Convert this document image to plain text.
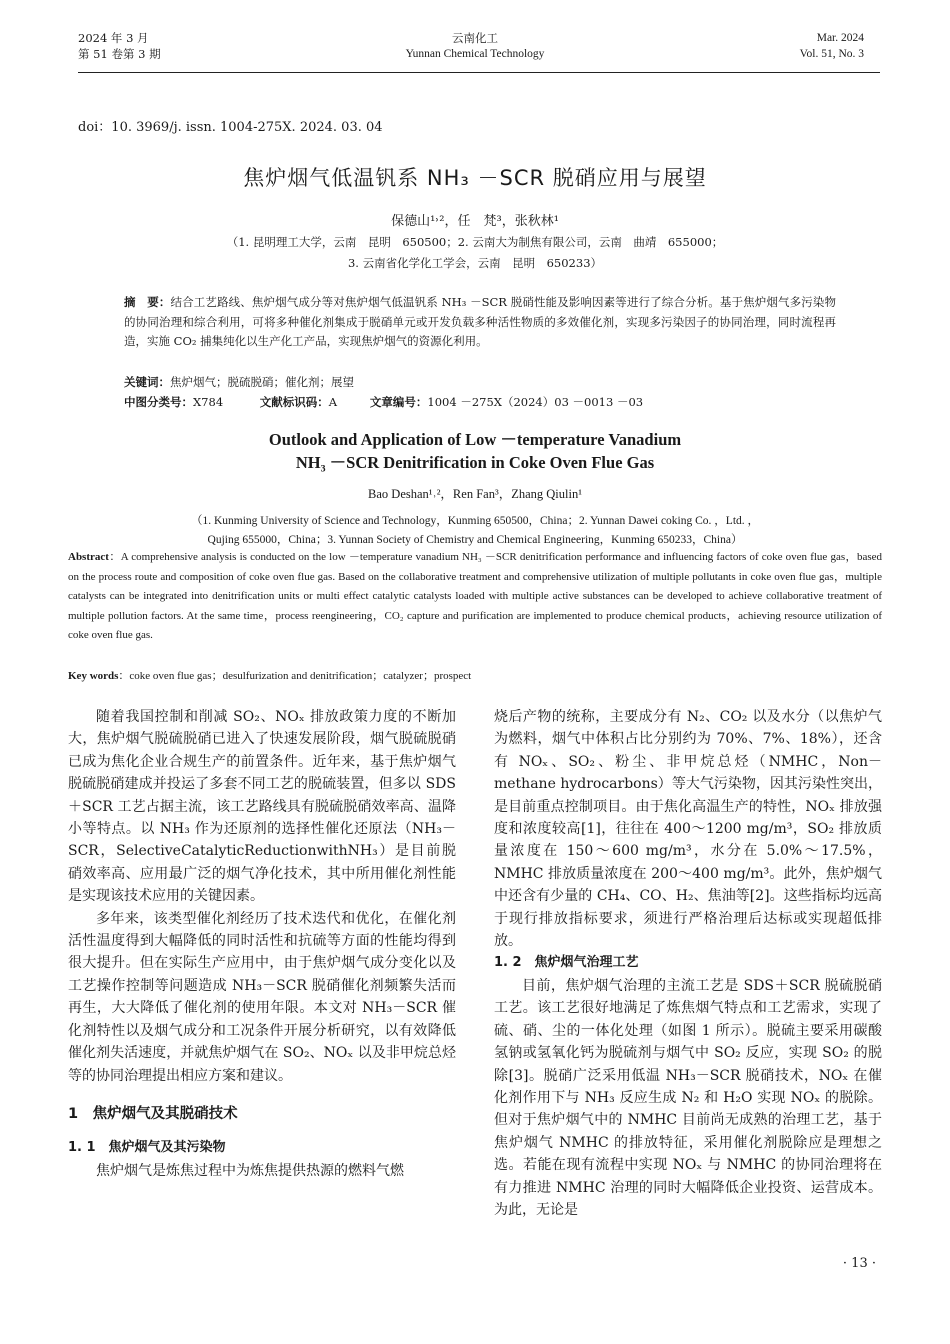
2024 年 3 月
第 51 卷第 3 期
云南化工
Yunnan Chemical Technology
Mar. 2024
Vol. 51, No. 3
doi：10. 3969/j. issn. 1004-275X. 2024. 03. 04
焦炉烟气低温钒系 NH₃ －SCR 脱硝应用与展望
保德山¹˒²，任　梵³，张秋林¹
（1. 昆明理工大学，云南　昆明　650500；2. 云南大为制焦有限公司，云南　曲靖　655000；
3. 云南省化学化工学会，云南　昆明　650233）
摘　要：结合工艺路线、焦炉烟气成分等对焦炉烟气低温钒系 NH₃ －SCR 脱硝性能及影响因素等进行了综合分析。基于焦炉烟气多污染物的协同治理和综合利用，可将多种催化剂集成于脱硝单元或开发负载多种活性物质的多效催化剂，实现多污染因子的协同治理，同时流程再造，实施 CO₂ 捕集纯化以生产化工产品，实现焦炉烟气的资源化利用。
关键词：焦炉烟气；脱硫脱硝；催化剂；展望
中图分类号：X784	文献标识码：A	文章编号：1004 －275X（2024）03 －0013 －03
Outlook and Application of Low －temperature Vanadium
NH₃ －SCR Denitrification in Coke Oven Flue Gas
Bao Deshan¹˒²，Ren Fan³，Zhang Qiulin¹
（1. Kunming University of Science and Technology，Kunming 650500，China；2. Yunnan Dawei coking Co. ，Ltd. ，
Qujing 655000，China；3. Yunnan Society of Chemistry and Chemical Engineering，Kunming 650233，China）
Abstract：A comprehensive analysis is conducted on the low －temperature vanadium NH₃ －SCR denitrification performance and influencing factors of coke oven flue gas，based on the process route and composition of coke oven flue gas. Based on the collaborative treatment and comprehensive utilization of multiple pollutants in coke oven flue gas，multiple catalysts can be integrated into denitrification units or multi effect catalytic catalysts loaded with multiple active substances can be developed to achieve collaborative treatment of multiple pollution factors. At the same time，process reengineering，CO₂ capture and purification are implemented to produce chemical products，achieving resource utilization of coke oven flue gas.
Key words：coke oven flue gas；desulfurization and denitrification；catalyzer；prospect

随着我国控制和削减 SO₂、NOₓ 排放政策力度的不断加大，焦炉烟气脱硫脱硝已进入了快速发展阶段，烟气脱硫脱硝已成为焦化企业合规生产的前置条件。近年来，基于焦炉烟气脱硫脱硝建成并投运了多套不同工艺的脱硫装置，但多以 SDS＋SCR 工艺占据主流，该工艺路线具有脱硫脱硝效率高、温降小等特点。以 NH₃ 作为还原剂的选择性催化还原法（NH₃－SCR，SelectiveCatalyticReductionwithNH₃）是目前脱硝效率高、应用最广泛的烟气净化技术，其中所用催化剂性能是实现该技术应用的关键因素。

多年来，该类型催化剂经历了技术迭代和优化，在催化剂活性温度得到大幅降低的同时活性和抗硫等方面的性能均得到很大提升。但在实际生产应用中，由于焦炉烟气成分变化以及工艺操作控制等问题造成 NH₃－SCR 脱硝催化剂频繁失活而再生，大大降低了催化剂的使用年限。本文对 NH₃－SCR 催化剂特性以及烟气成分和工况条件开展分析研究，以有效降低催化剂失活速度，并就焦炉烟气在 SO₂、NOₓ 以及非甲烷总烃等的协同治理提出相应方案和建议。

1　焦炉烟气及其脱硝技术
1. 1　焦炉烟气及其污染物

焦炉烟气是炼焦过程中为炼焦提供热源的燃料气燃

烧后产物的统称，主要成分有 N₂、CO₂ 以及水分（以焦炉气为燃料，烟气中体积占比分别约为 70%、7%、18%），还含有 NOₓ、SO₂、粉尘、非甲烷总烃（NMHC，Non－methane hydrocarbons）等大气污染物，因其污染性突出，是目前重点控制项目。由于焦化高温生产的特性，NOₓ 排放强度和浓度较高[1]，往往在 400～1200 mg/m³，SO₂ 排放质量浓度在 150～600 mg/m³，水分在 5.0%～17.5%，NMHC 排放质量浓度在 200～400 mg/m³。此外，焦炉烟气中还含有少量的 CH₄、CO、H₂、焦油等[2]。这些指标均远高于现行排放指标要求，须进行严格治理后达标或实现超低排放。

1. 2　焦炉烟气治理工艺

目前，焦炉烟气治理的主流工艺是 SDS＋SCR 脱硫脱硝工艺。该工艺很好地满足了炼焦烟气特点和工艺需求，实现了硫、硝、尘的一体化处理（如图 1 所示）。脱硫主要采用碳酸氢钠或氢氧化钙为脱硫剂与烟气中 SO₂ 反应，实现 SO₂ 的脱除[3]。脱硝广泛采用低温 NH₃－SCR 脱硝技术，NOₓ 在催化剂作用下与 NH₃ 反应生成 N₂ 和 H₂O 实现 NOₓ 的脱除。但对于焦炉烟气中的 NMHC 目前尚无成熟的治理工艺，基于焦炉烟气 NMHC 的排放特征，采用催化剂脱除应是理想之选。若能在现有流程中实现 NOₓ 与 NMHC 的协同治理将在有力推进 NMHC 治理的同时大幅降低企业投资、运营成本。为此，无论是

· 13 ·
